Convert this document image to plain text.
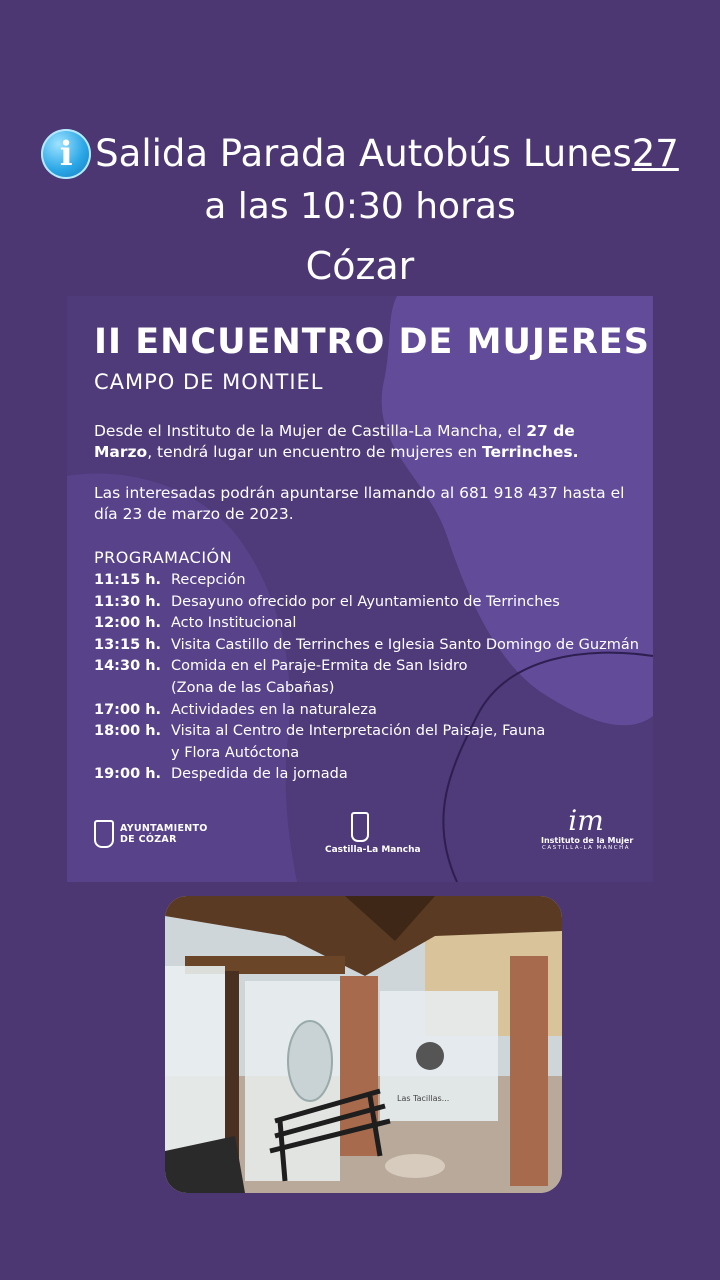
i Salida Parada Autobús Lunes 27
a las 10:30 horas
Cózar
II ENCUENTRO DE MUJERES
CAMPO DE MONTIEL
Desde el Instituto de la Mujer de Castilla-La Mancha, el 27 de Marzo, tendrá lugar un encuentro de mujeres en Terrinches.
Las interesadas podrán apuntarse llamando al 681 918 437 hasta el día 23 de marzo de 2023.
PROGRAMACIÓN
11:15 h. Recepción
11:30 h. Desayuno ofrecido por el Ayuntamiento de Terrinches
12:00 h. Acto Institucional
13:15 h. Visita Castillo de Terrinches e Iglesia Santo Domingo de Guzmán
14:30 h. Comida en el Paraje-Ermita de San Isidro
(Zona de las Cabañas)
17:00 h. Actividades en la naturaleza
18:00 h. Visita al Centro de Interpretación del Paisaje, Fauna
y Flora Autóctona
19:00 h. Despedida de la jornada
AYUNTAMIENTO
DE CÓZAR
Castilla-La Mancha
im
Instituto de la Mujer
CASTILLA-LA MANCHA
Las Tacillas...
